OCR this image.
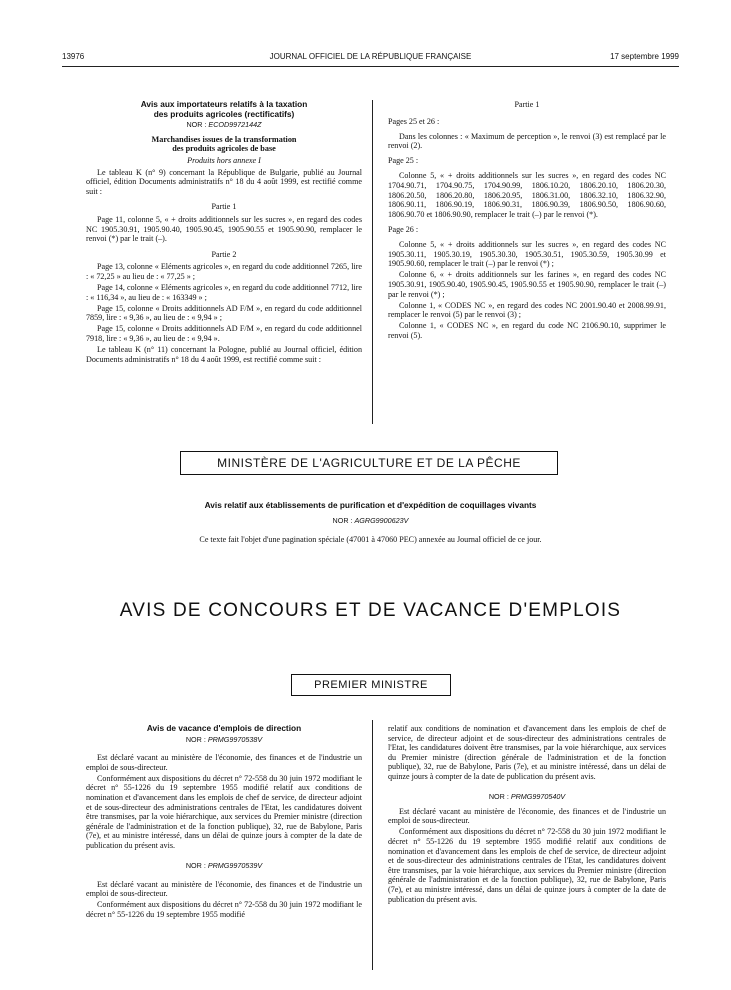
13976	JOURNAL OFFICIEL DE LA RÉPUBLIQUE FRANÇAISE	17 septembre 1999
Avis aux importateurs relatifs à la taxation
des produits agricoles (rectificatifs)
NOR : ECOD9972144Z
Marchandises issues de la transformation
des produits agricoles de base
Produits hors annexe I

Le tableau K (n° 9) concernant la République de Bulgarie, publié au Journal officiel, édition Documents administratifs n° 18 du 4 août 1999, est rectifié comme suit :

Partie 1

Page 11, colonne 5, « + droits additionnels sur les sucres », en regard des codes NC 1905.30.91, 1905.90.40, 1905.90.45, 1905.90.55 et 1905.90.90, remplacer le renvoi (*) par le trait (–).

Partie 2

Page 13, colonne « Eléments agricoles », en regard du code additionnel 7265, lire : « 72,25 » au lieu de : « 77,25 » ;

Page 14, colonne « Eléments agricoles », en regard du code additionnel 7712, lire : « 116,34 », au lieu de : « 163349 » ;

Page 15, colonne « Droits additionnels AD F/M », en regard du code additionnel 7859, lire : « 9,36 », au lieu de : « 9,94 » ;

Page 15, colonne « Droits additionnels AD F/M », en regard du code additionnel 7918, lire : « 9,36 », au lieu de : « 9,94 ».

Le tableau K (n° 11) concernant la Pologne, publié au Journal officiel, édition Documents administratifs n° 18 du 4 août 1999, est rectifié comme suit :

Partie 1

Pages 25 et 26 :

Dans les colonnes : « Maximum de perception », le renvoi (3) est remplacé par le renvoi (2).

Page 25 :

Colonne 5, « + droits additionnels sur les sucres », en regard des codes NC 1704.90.71, 1704.90.75, 1704.90.99, 1806.10.20, 1806.20.10, 1806.20.30, 1806.20.50, 1806.20.80, 1806.20.95, 1806.31.00, 1806.32.10, 1806.32.90, 1806.90.11, 1806.90.19, 1806.90.31, 1806.90.39, 1806.90.50, 1806.90.60, 1806.90.70 et 1806.90.90, remplacer le trait (–) par le renvoi (*).

Page 26 :

Colonne 5, « + droits additionnels sur les sucres », en regard des codes NC 1905.30.11, 1905.30.19, 1905.30.30, 1905.30.51, 1905.30.59, 1905.30.99 et 1905.90.60, remplacer le trait (–) par le renvoi (*) ;

Colonne 6, « + droits additionnels sur les farines », en regard des codes NC 1905.30.91, 1905.90.40, 1905.90.45, 1905.90.55 et 1905.90.90, remplacer le trait (–) par le renvoi (*) ;

Colonne 1, « CODES NC », en regard des codes NC 2001.90.40 et 2008.99.91, remplacer le renvoi (5) par le renvoi (3) ;

Colonne 1, « CODES NC », en regard du code NC 2106.90.10, supprimer le renvoi (5).

MINISTÈRE DE L'AGRICULTURE ET DE LA PÊCHE
Avis relatif aux établissements de purification et d'expédition de coquillages vivants
NOR : AGRG9900623V
Ce texte fait l'objet d'une pagination spéciale (47001 à 47060 PEC) annexée au Journal officiel de ce jour.
AVIS DE CONCOURS ET DE VACANCE D'EMPLOIS
PREMIER MINISTRE
Avis de vacance d'emplois de direction
NOR : PRMG9970538V

Est déclaré vacant au ministère de l'économie, des finances et de l'industrie un emploi de sous-directeur.

Conformément aux dispositions du décret n° 72-558 du 30 juin 1972 modifiant le décret n° 55-1226 du 19 septembre 1955 modifié relatif aux conditions de nomination et d'avancement dans les emplois de chef de service, de directeur adjoint et de sous-directeur des administrations centrales de l'Etat, les candidatures doivent être transmises, par la voie hiérarchique, aux services du Premier ministre (direction générale de l'administration et de la fonction publique), 32, rue de Babylone, Paris (7e), et au ministre intéressé, dans un délai de quinze jours à compter de la date de publication du présent avis.

NOR : PRMG9970539V

Est déclaré vacant au ministère de l'économie, des finances et de l'industrie un emploi de sous-directeur.

Conformément aux dispositions du décret n° 72-558 du 30 juin 1972 modifiant le décret n° 55-1226 du 19 septembre 1955 modifié

relatif aux conditions de nomination et d'avancement dans les emplois de chef de service, de directeur adjoint et de sous-directeur des administrations centrales de l'Etat, les candidatures doivent être transmises, par la voie hiérarchique, aux services du Premier ministre (direction générale de l'administration et de la fonction publique), 32, rue de Babylone, Paris (7e), et au ministre intéressé, dans un délai de quinze jours à compter de la date de publication du présent avis.

NOR : PRMG9970540V

Est déclaré vacant au ministère de l'économie, des finances et de l'industrie un emploi de sous-directeur.

Conformément aux dispositions du décret n° 72-558 du 30 juin 1972 modifiant le décret n° 55-1226 du 19 septembre 1955 modifié relatif aux conditions de nomination et d'avancement dans les emplois de chef de service, de directeur adjoint et de sous-directeur des administrations centrales de l'Etat, les candidatures doivent être transmises, par la voie hiérarchique, aux services du Premier ministre (direction générale de l'administration et de la fonction publique), 32, rue de Babylone, Paris (7e), et au ministre intéressé, dans un délai de quinze jours à compter de la date de publication du présent avis.
